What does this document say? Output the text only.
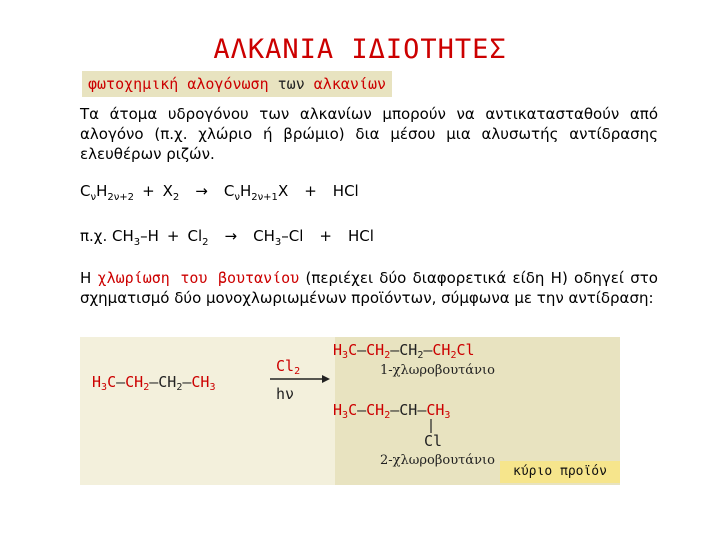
ΑΛΚΑΝΙΑ ΙΔΙΟΤΗΤΕΣ
φωτοχημική αλογόνωση των αλκανίων
Τα άτομα υδρογόνου των αλκανίων μπορούν να αντικατασταθούν από αλογόνο (π.χ. χλώριο ή βρώμιο) δια μέσου μια αλυσωτής αντίδρασης ελευθέρων ριζών.
$C_\nu H_{2\nu+2} + X_2 \to C_\nu H_{2\nu+1}X$ + HCl
π.χ. $CH_3-H + Cl_2 \to CH_3-Cl$ + HCl
Η χλωρίωση του βουτανίου (περιέχει δύο διαφορετικά είδη H) οδηγεί στο σχηματισμό δύο μονοχλωριωμένων προϊόντων, σύμφωνα με την αντίδραση:
$H_3C—CH_2—CH_2—CH_3$
$Cl_2$
hν
$H_3C—CH_2—CH_2—CH_2Cl$
1-χλωροβουτάνιο
$H_3C—CH_2—CH—CH_3$
Cl
2-χλωροβουτάνιο
κύριο προϊόν
